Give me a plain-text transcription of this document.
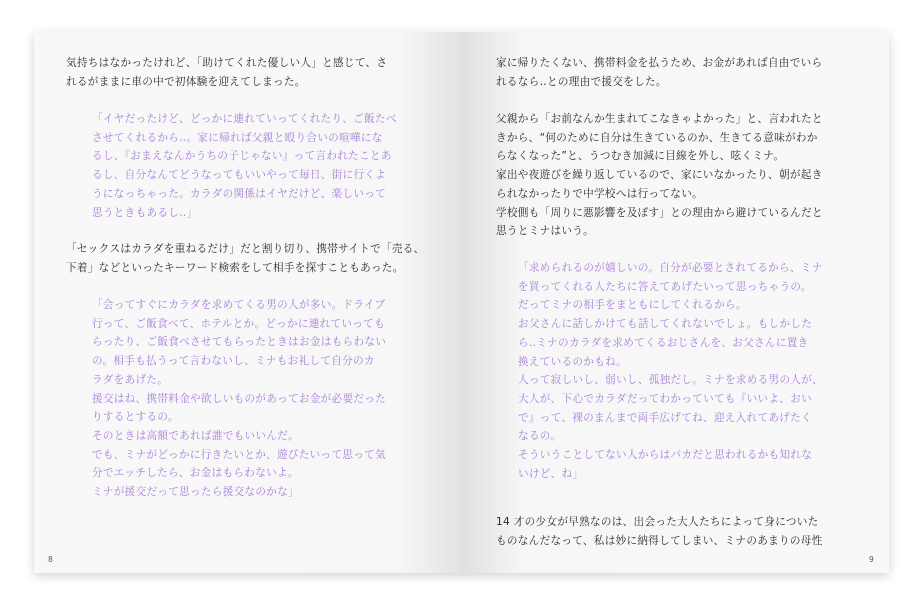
気持ちはなかったけれど、「助けてくれた優しい人」と感じて、さ
れるがままに車の中で初体験を迎えてしまった。
「イヤだったけど、どっかに連れていってくれたり、ご飯たべ
させてくれるから‥。家に帰れば父親と殴り合いの喧嘩にな
るし、『おまえなんかうちの子じゃない』って言われたことあ
るし、自分なんてどうなってもいいやって毎日、街に行くよ
うになっちゃった。カラダの関係はイヤだけど、楽しいって
思うときもあるし‥」
「セックスはカラダを重ねるだけ」だと割り切り、携帯サイトで「売る、
下着」などといったキーワード検索をして相手を探すこともあった。
「会ってすぐにカラダを求めてくる男の人が多い。ドライブ
行って、ご飯食べて、ホテルとか。どっかに連れていっても
らったり、ご飯食べさせてもらったときはお金はもらわない
の。相手も払うって言わないし、ミナもお礼して自分のカ
ラダをあげた。
援交はね、携帯料金や欲しいものがあってお金が必要だった
りするとするの。
そのときは高額であれば誰でもいいんだ。
でも、ミナがどっかに行きたいとか、遊びたいって思って気
分でエッチしたら、お金はもらわないよ。
ミナが援交だって思ったら援交なのかな」
8
家に帰りたくない、携帯料金を払うため、お金があれば自由でいら
れるなら‥との理由で援交をした。
父親から「お前なんか生まれてこなきゃよかった」と、言われたと
きから、“何のために自分は生きているのか、生きてる意味がわか
らなくなった”と、うつむき加減に目線を外し、呟くミナ。
家出や夜遊びを繰り返しているので、家にいなかったり、朝が起き
られなかったりで中学校へは行ってない。
学校側も「周りに悪影響を及ぼす」との理由から避けているんだと
思うとミナはいう。
「求められるのが嬉しいの。自分が必要とされてるから、ミナ
を買ってくれる人たちに答えてあげたいって思っちゃうの。
だってミナの相手をまともにしてくれるから。
お父さんに話しかけても話してくれないでしょ。もしかした
ら‥ミナのカラダを求めてくるおじさんを、お父さんに置き
換えているのかもね。
人って寂しいし、弱いし、孤独だし。ミナを求める男の人が、
大人が、下心でカラダだってわかっていても『いいよ、おい
で』って、裸のまんまで両手広げてね、迎え入れてあげたく
なるの。
そういうことしてない人からはバカだと思われるかも知れな
いけど、ね」
14 才の少女が早熟なのは、出会った大人たちによって身についた
ものなんだなって、私は妙に納得してしまい、ミナのあまりの母性
9
